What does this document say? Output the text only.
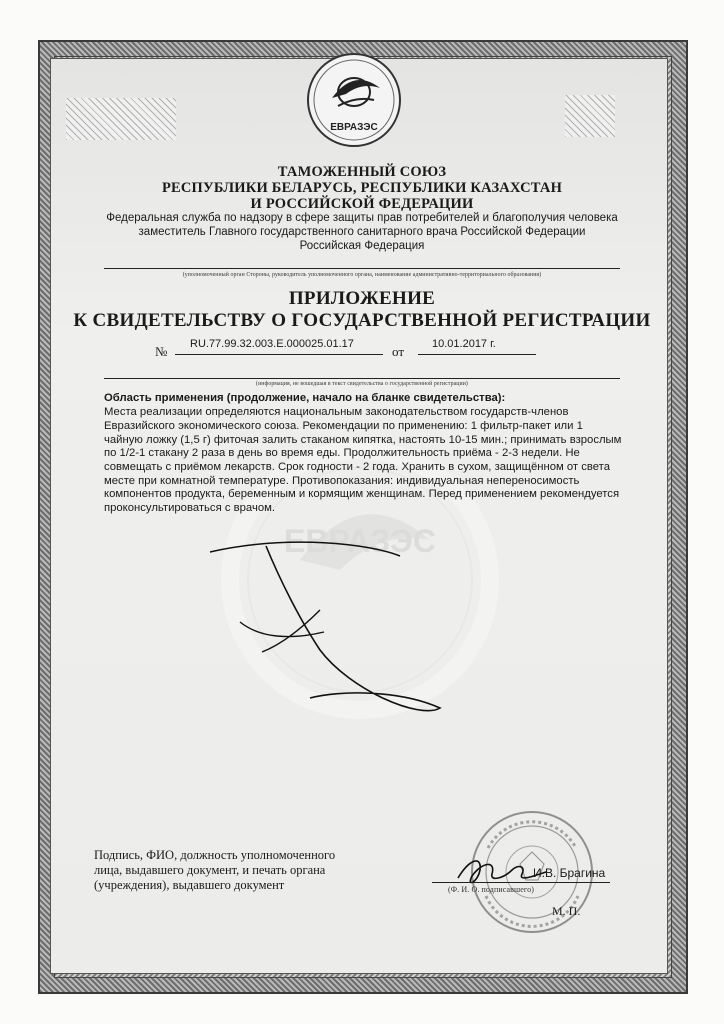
ЕВРАЗЭС
ЕВРАЗЭС
ТАМОЖЕННЫЙ СОЮЗ
РЕСПУБЛИКИ БЕЛАРУСЬ, РЕСПУБЛИКИ КАЗАХСТАН
И РОССИЙСКОЙ ФЕДЕРАЦИИ
Федеральная служба по надзору в сфере защиты прав потребителей и благополучия человека
заместитель Главного государственного санитарного врача Российской Федерации
Российская Федерация
(уполномоченный орган Стороны, руководитель уполномоченного органа, наименование административно-территориального образования)
ПРИЛОЖЕНИЕ
К СВИДЕТЕЛЬСТВУ О ГОСУДАРСТВЕННОЙ РЕГИСТРАЦИИ
№ RU.77.99.32.003.E.000025.01.17	от	10.01.2017 г.
(информация, не вошедшая в текст свидетельства о государственной регистрации)
Область применения (продолжение, начало на бланке свидетельства):
Места реализации определяются национальным законодательством государств-членов
Евразийского экономического союза. Рекомендации по применению: 1 фильтр-пакет или 1
чайную ложку (1,5 г) фиточая залить стаканом кипятка, настоять 10-15 мин.; принимать взрослым
по 1/2-1 стакану 2 раза в день во время еды. Продолжительность приёма - 2-3 недели. Не
совмещать с приёмом лекарств. Срок годности - 2 года. Хранить в сухом, защищённом от света
месте при комнатной температуре. Противопоказания: индивидуальная непереносимость
компонентов продукта, беременным и кормящим женщинам. Перед применением рекомендуется
проконсультироваться с врачом.
Подпись, ФИО, должность уполномоченного
лица, выдавшего документ, и печать органа
(учреждения), выдавшего документ
И.В. Брагина
(Ф. И. О. подписавшего)
М. П.
